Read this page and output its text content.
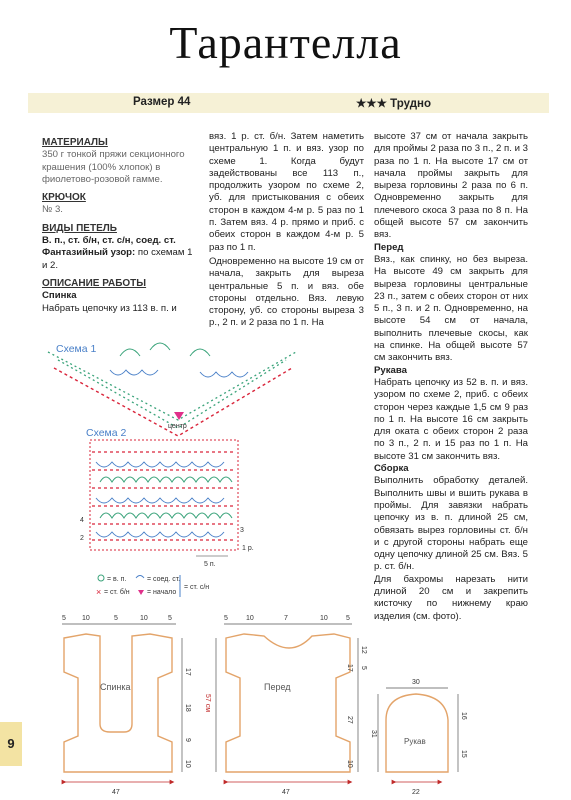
Тарантелла
Размер 44	★★★ Трудно

МАТЕРИАЛЫ

350 г тонкой пряжи секционного крашения (100% хлопок) в фиолетово-розовой гамме.

КРЮЧОК

№ 3.

ВИДЫ ПЕТЕЛЬ

В. п., ст. б/н, ст. с/н, соед. ст.

Фантазийный узор: по схемам 1 и 2.

ОПИСАНИЕ РАБОТЫ

Спинка

Набрать цепочку из 113 в. п. и

вяз. 1 р. ст. б/н. Затем наметить центральную 1 п. и вяз. узор по схеме 1. Когда будут задействованы все 113 п., продолжить узором по схеме 2, уб. для пристыкования с обеих сторон в каждом 4-м р. 5 раз по 1 п. Затем вяз. 4 р. прямо и приб. с обеих сторон в каждом 4-м р. 5 раз по 1 п.

Одновременно на высоте 19 см от начала, закрыть для выреза центральные 5 п. и вяз. обе стороны отдельно. Вяз. левую сторону, уб. со стороны выреза 3 р., 2 п. и 2 раза по 1 п. На

высоте 37 см от начала закрыть для проймы 2 раза по 3 п., 2 п. и 3 раза по 1 п. На высоте 17 см от начала проймы закрыть для выреза горловины 2 раза по 6 п. Одновременно закрыть для плечевого скоса 3 раза по 8 п. На общей высоте 57 см закончить вяз.

Перед

Вяз., как спинку, но без выреза. На высоте 49 см закрыть для выреза горловины центральные 23 п., затем с обеих сторон от них 5 п., 3 п. и 2 п. Одновременно, на высоте 54 см от начала, выполнить плечевые скосы, как на спинке. На общей высоте 57 см закончить вяз.

Рукава

Набрать цепочку из 52 в. п. и вяз. узором по схеме 2, приб. с обеих сторон через каждые 1,5 см 9 раз по 1 п. На высоте 16 см закрыть для оката с обеих сторон 2 раза по 3 п., 2 п. и 15 раз по 1 п. На высоте 31 см закончить вяз.

Сборка

Выполнить обработку деталей. Выполнить швы и вшить рукава в проймы. Для завязки набрать цепочку из в. п. длиной 25 см, обвязать вырез горловины ст. б/н и с другой стороны набрать еще одну цепочку длиной 25 см. Вяз. 5 р. ст. б/н.

Для бахромы нарезать нити длиной 20 см и закрепить кисточку по нижнему краю изделия (см. фото).

Схема 1
центр
Схема 2
4
3
2
1 р.
5 п.
= в. п.	= соед. ст.
× = ст. б/н = начало
= ст. с/н
5 10	5	10	5
17
18
9
10
47
Спинка
5	10	7	10	5
57 см
12
5
17
27
10
47
Перед	30
31
16
15
22
Рукав
9
